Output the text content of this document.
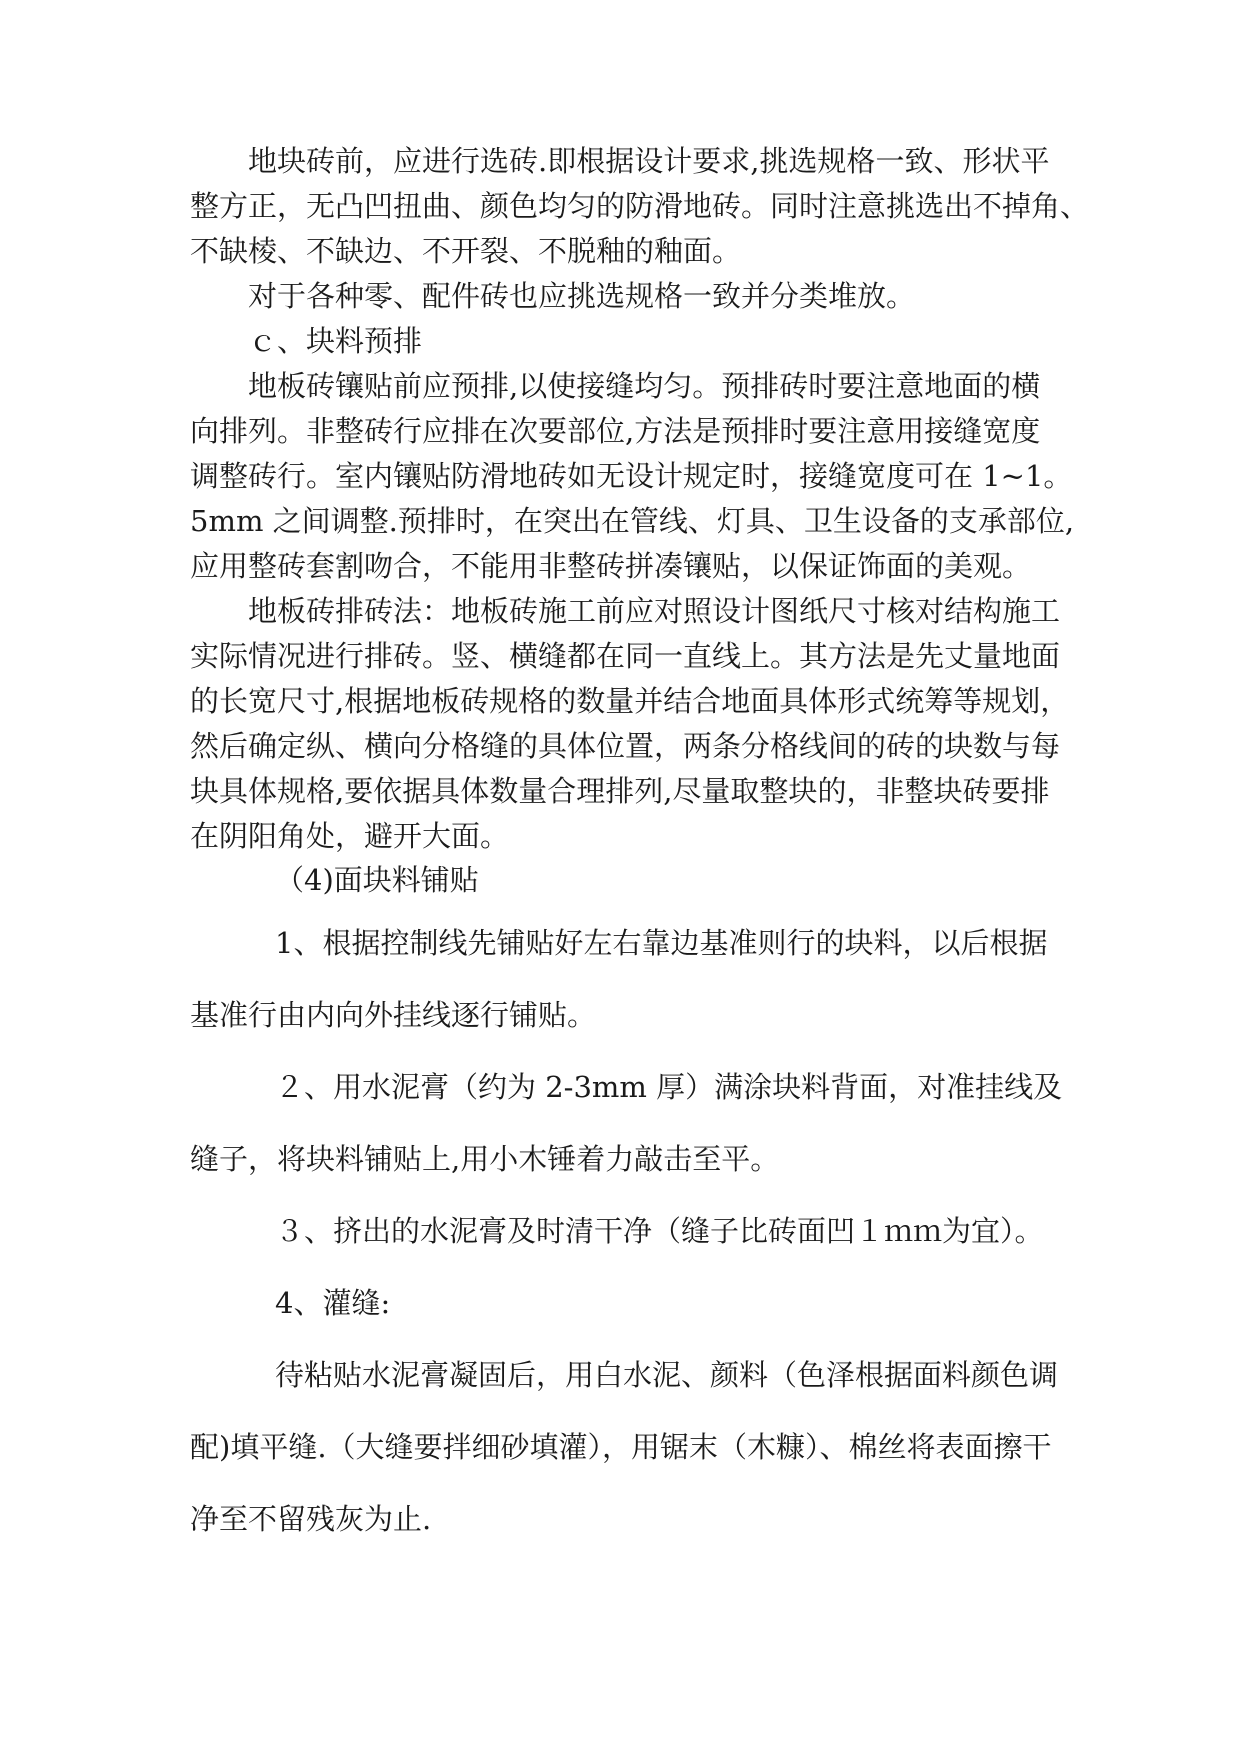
地块砖前，应进行选砖.即根据设计要求,挑选规格一致、形状平
整方正，无凸凹扭曲、颜色均匀的防滑地砖。同时注意挑选出不掉角、
不缺棱、不缺边、不开裂、不脱釉的釉面。
对于各种零、配件砖也应挑选规格一致并分类堆放。
ｃ、块料预排
地板砖镶贴前应预排,以使接缝均匀。预排砖时要注意地面的横
向排列。非整砖行应排在次要部位,方法是预排时要注意用接缝宽度
调整砖行。室内镶贴防滑地砖如无设计规定时，接缝宽度可在 1~1。
5mm 之间调整.预排时，在突出在管线、灯具、卫生设备的支承部位,
应用整砖套割吻合，不能用非整砖拼凑镶贴，以保证饰面的美观。
地板砖排砖法：地板砖施工前应对照设计图纸尺寸核对结构施工
实际情况进行排砖。竖、横缝都在同一直线上。其方法是先丈量地面
的长宽尺寸,根据地板砖规格的数量并结合地面具体形式统筹等规划，
然后确定纵、横向分格缝的具体位置，两条分格线间的砖的块数与每
块具体规格,要依据具体数量合理排列,尽量取整块的，非整块砖要排
在阴阳角处，避开大面。
（4)面块料铺贴
1、根据控制线先铺贴好左右靠边基准则行的块料，以后根据
基准行由内向外挂线逐行铺贴。
２、用水泥膏（约为 2-3mm 厚）满涂块料背面，对准挂线及
缝子，将块料铺贴上,用小木锤着力敲击至平。
３、挤出的水泥膏及时清干净（缝子比砖面凹１ｍｍ为宜）。
4、灌缝:
待粘贴水泥膏凝固后，用白水泥、颜料（色泽根据面料颜色调
配)填平缝.（大缝要拌细砂填灌），用锯末（木糠）、棉丝将表面擦干
净至不留残灰为止.
